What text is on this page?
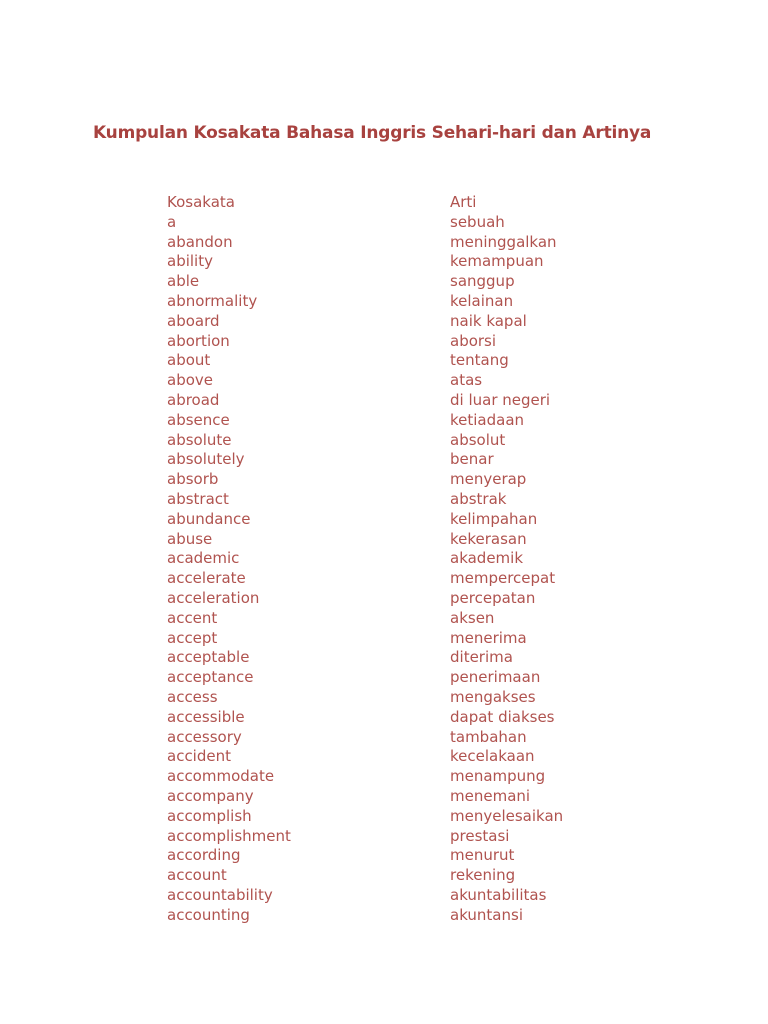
Kumpulan Kosakata Bahasa Inggris Sehari-hari dan Artinya
Kosakata	Arti
a	sebuah
abandon	meninggalkan
ability	kemampuan
able	sanggup
abnormality	kelainan
aboard	naik kapal
abortion	aborsi
about	tentang
above	atas
abroad	di luar negeri
absence	ketiadaan
absolute	absolut
absolutely	benar
absorb	menyerap
abstract	abstrak
abundance	kelimpahan
abuse	kekerasan
academic	akademik
accelerate	mempercepat
acceleration	percepatan
accent	aksen
accept	menerima
acceptable	diterima
acceptance	penerimaan
access	mengakses
accessible	dapat diakses
accessory	tambahan
accident	kecelakaan
accommodate	menampung
accompany	menemani
accomplish	menyelesaikan
accomplishment	prestasi
according	menurut
account	rekening
accountability	akuntabilitas
accounting	akuntansi
